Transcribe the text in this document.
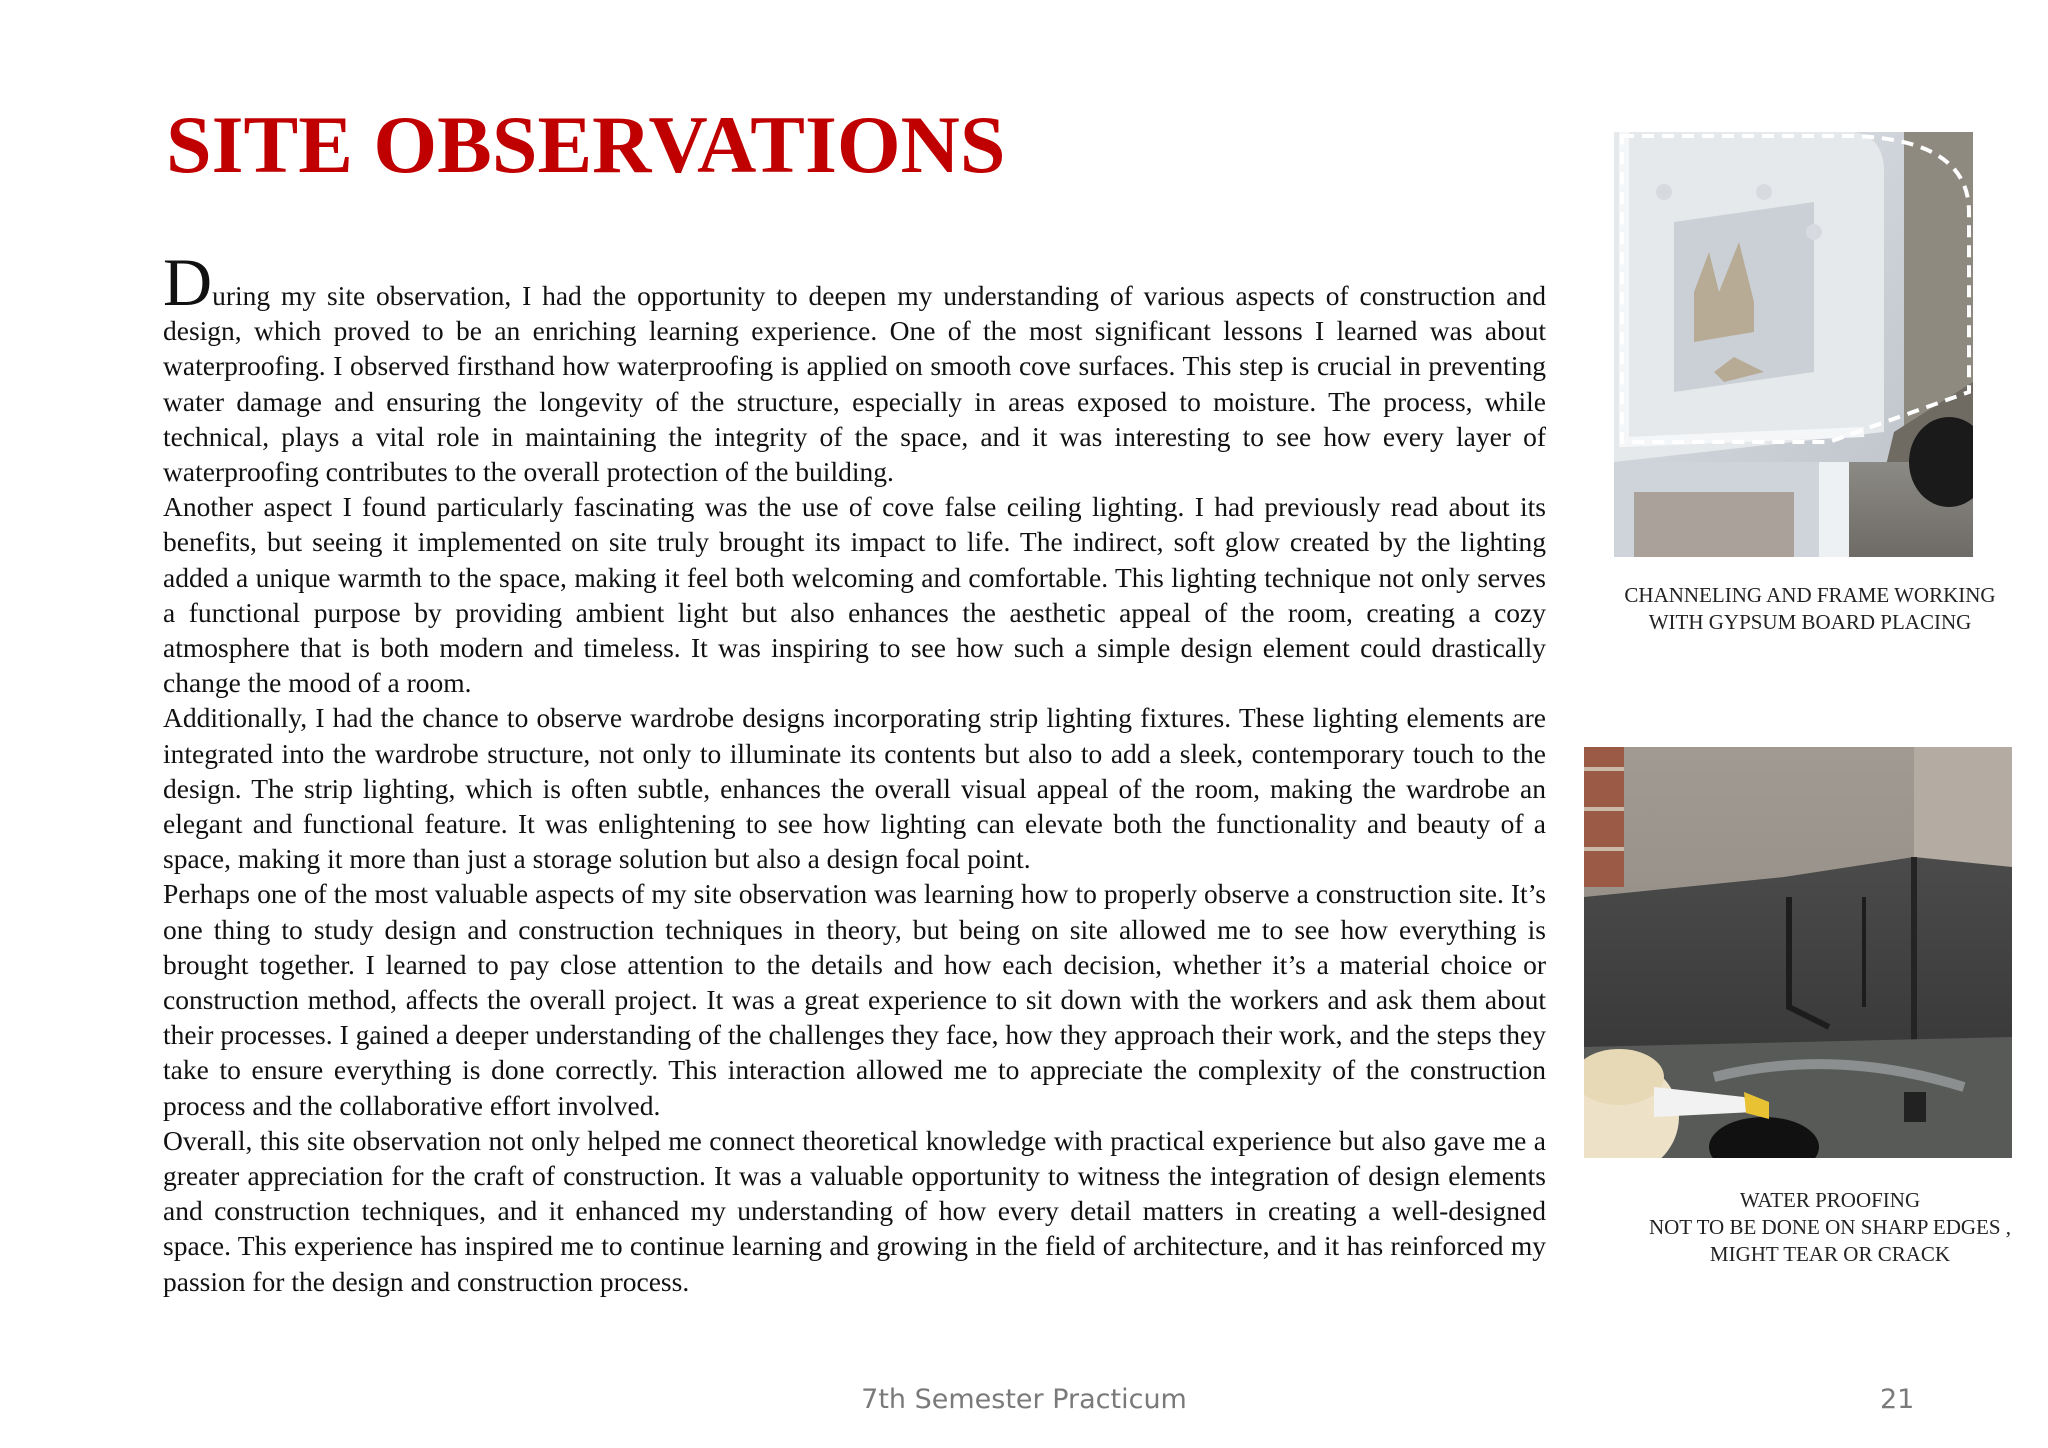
SITE OBSERVATIONS

During my site observation, I had the opportunity to deepen my understanding of various aspects of construction and design, which proved to be an enriching learning experience. One of the most significant lessons I learned was about waterproofing. I observed firsthand how waterproofing is applied on smooth cove surfaces. This step is crucial in preventing water damage and ensuring the longevity of the structure, especially in areas exposed to moisture. The process, while technical, plays a vital role in maintaining the integrity of the space, and it was interesting to see how every layer of waterproofing contributes to the overall protection of the building.

Another aspect I found particularly fascinating was the use of cove false ceiling lighting. I had previously read about its benefits, but seeing it implemented on site truly brought its impact to life. The indirect, soft glow created by the lighting added a unique warmth to the space, making it feel both welcoming and comfortable. This lighting technique not only serves a functional purpose by providing ambient light but also enhances the aesthetic appeal of the room, creating a cozy atmosphere that is both modern and timeless. It was inspiring to see how such a simple design element could drastically change the mood of a room.

Additionally, I had the chance to observe wardrobe designs incorporating strip lighting fixtures. These lighting elements are integrated into the wardrobe structure, not only to illuminate its contents but also to add a sleek, contemporary touch to the design. The strip lighting, which is often subtle, enhances the overall visual appeal of the room, making the wardrobe an elegant and functional feature. It was enlightening to see how lighting can elevate both the functionality and beauty of a space, making it more than just a storage solution but also a design focal point.

Perhaps one of the most valuable aspects of my site observation was learning how to properly observe a construction site. It’s one thing to study design and construction techniques in theory, but being on site allowed me to see how everything is brought together. I learned to pay close attention to the details and how each decision, whether it’s a material choice or construction method, affects the overall project. It was a great experience to sit down with the workers and ask them about their processes. I gained a deeper understanding of the challenges they face, how they approach their work, and the steps they take to ensure everything is done correctly. This interaction allowed me to appreciate the complexity of the construction process and the collaborative effort involved.

Overall, this site observation not only helped me connect theoretical knowledge with practical experience but also gave me a greater appreciation for the craft of construction. It was a valuable opportunity to witness the integration of design elements and construction techniques, and it enhanced my understanding of how every detail matters in creating a well-designed space. This experience has inspired me to continue learning and growing in the field of architecture, and it has reinforced my passion for the design and construction process.

CHANNELING AND FRAME WORKING
WITH GYPSUM BOARD PLACING
WATER PROOFING
NOT TO BE DONE ON SHARP EDGES ,
MIGHT TEAR OR CRACK
7th Semester Practicum	21
